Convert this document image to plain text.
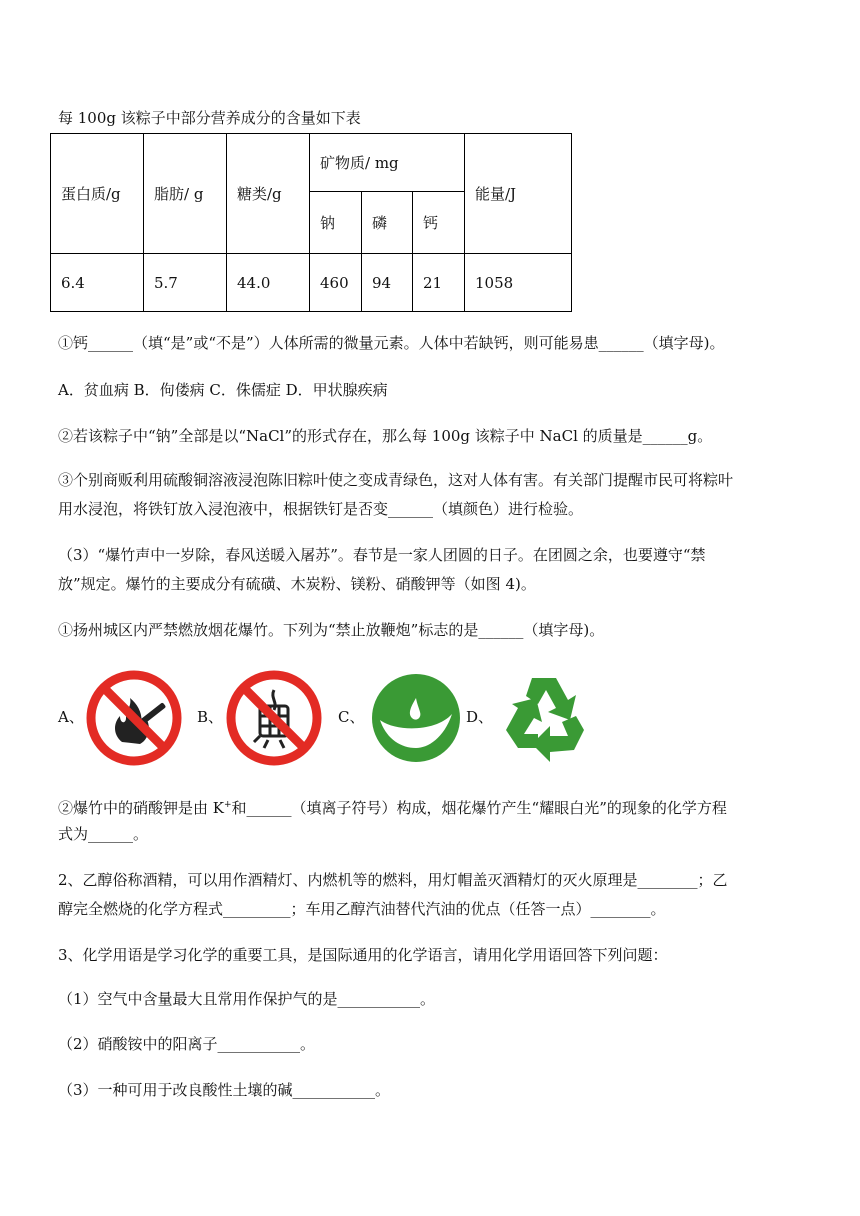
每 100g 该粽子中部分营养成分的含量如下表
蛋白质/g	脂肪/ g	糖类/g	矿物质/ mg			能量/J
			钠	磷	钙	
6.4	5.7	44.0	460	94	21	1058
①钙______（填“是”或“不是”）人体所需的微量元素。人体中若缺钙，则可能易患______（填字母)。
A．贫血病 B．佝偻病 C．侏儒症 D．甲状腺疾病
②若该粽子中“钠”全部是以“NaCl”的形式存在，那么每 100g 该粽子中 NaCl 的质量是______g。
③个别商贩利用硫酸铜溶液浸泡陈旧粽叶使之变成青绿色，这对人体有害。有关部门提醒市民可将粽叶
用水浸泡，将铁钉放入浸泡液中，根据铁钉是否变______（填颜色）进行检验。
（3）“爆竹声中一岁除，春风送暖入屠苏”。春节是一家人团圆的日子。在团圆之余，也要遵守“禁
放”规定。爆竹的主要成分有硫磺、木炭粉、镁粉、硝酸钾等（如图 4)。
①扬州城区内严禁燃放烟花爆竹。下列为“禁止放鞭炮”标志的是______（填字母)。
A、	B、	C、	D、
②爆竹中的硝酸钾是由 K+和______（填离子符号）构成，烟花爆竹产生“耀眼白光”的现象的化学方程
式为______。
2、乙醇俗称酒精，可以用作酒精灯、内燃机等的燃料，用灯帽盖灭酒精灯的灭火原理是________；乙
醇完全燃烧的化学方程式_________；车用乙醇汽油替代汽油的优点（任答一点）________。
3、化学用语是学习化学的重要工具，是国际通用的化学语言，请用化学用语回答下列问题：
（1）空气中含量最大且常用作保护气的是___________。
（2）硝酸铵中的阳离子___________。
（3）一种可用于改良酸性土壤的碱___________。
